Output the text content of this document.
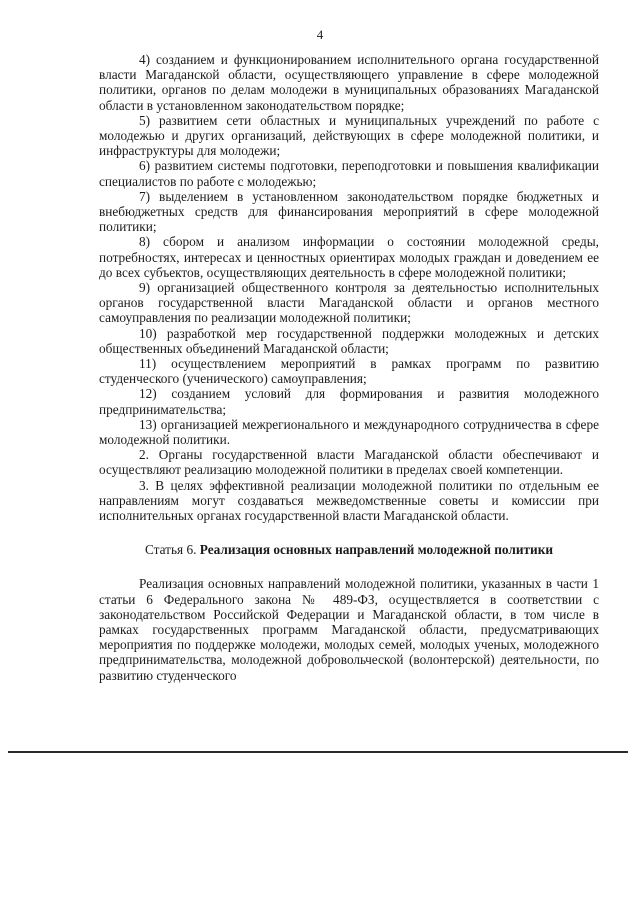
4

4) созданием и функционированием исполнительного органа государственной власти Магаданской области, осуществляющего управление в сфере молодежной политики, органов по делам молодежи в муниципальных образованиях Магаданской области в установленном законодательством порядке;

5) развитием сети областных и муниципальных учреждений по работе с молодежью и других организаций, действующих в сфере молодежной политики, и инфраструктуры для молодежи;

6) развитием системы подготовки, переподготовки и повышения квалификации специалистов по работе с молодежью;

7) выделением в установленном законодательством порядке бюджетных и внебюджетных средств для финансирования мероприятий в сфере молодежной политики;

8) сбором и анализом информации о состоянии молодежной среды, потребностях, интересах и ценностных ориентирах молодых граждан и доведением ее до всех субъектов, осуществляющих деятельность в сфере молодежной политики;

9) организацией общественного контроля за деятельностью исполнительных органов государственной власти Магаданской области и органов местного самоуправления по реализации молодежной политики;

10) разработкой мер государственной поддержки молодежных и детских общественных объединений Магаданской области;

11) осуществлением мероприятий в рамках программ по развитию студенческого (ученического) самоуправления;

12) созданием условий для формирования и развития молодежного предпринимательства;

13) организацией межрегионального и международного сотрудничества в сфере молодежной политики.

2. Органы государственной власти Магаданской области обеспечивают и осуществляют реализацию молодежной политики в пределах своей компетенции.

3. В целях эффективной реализации молодежной политики по отдельным ее направлениям могут создаваться межведомственные советы и комиссии при исполнительных органах государственной власти Магаданской области.

Статья 6. Реализация основных направлений молодежной политики

Реализация основных направлений молодежной политики, указанных в части 1 статьи 6 Федерального закона № 489-ФЗ, осуществляется в соответствии с законодательством Российской Федерации и Магаданской области, в том числе в рамках государственных программ Магаданской области, предусматривающих мероприятия по поддержке молодежи, молодых семей, молодых ученых, молодежного предпринимательства, молодежной добровольческой (волонтерской) деятельности, по развитию студенческого
